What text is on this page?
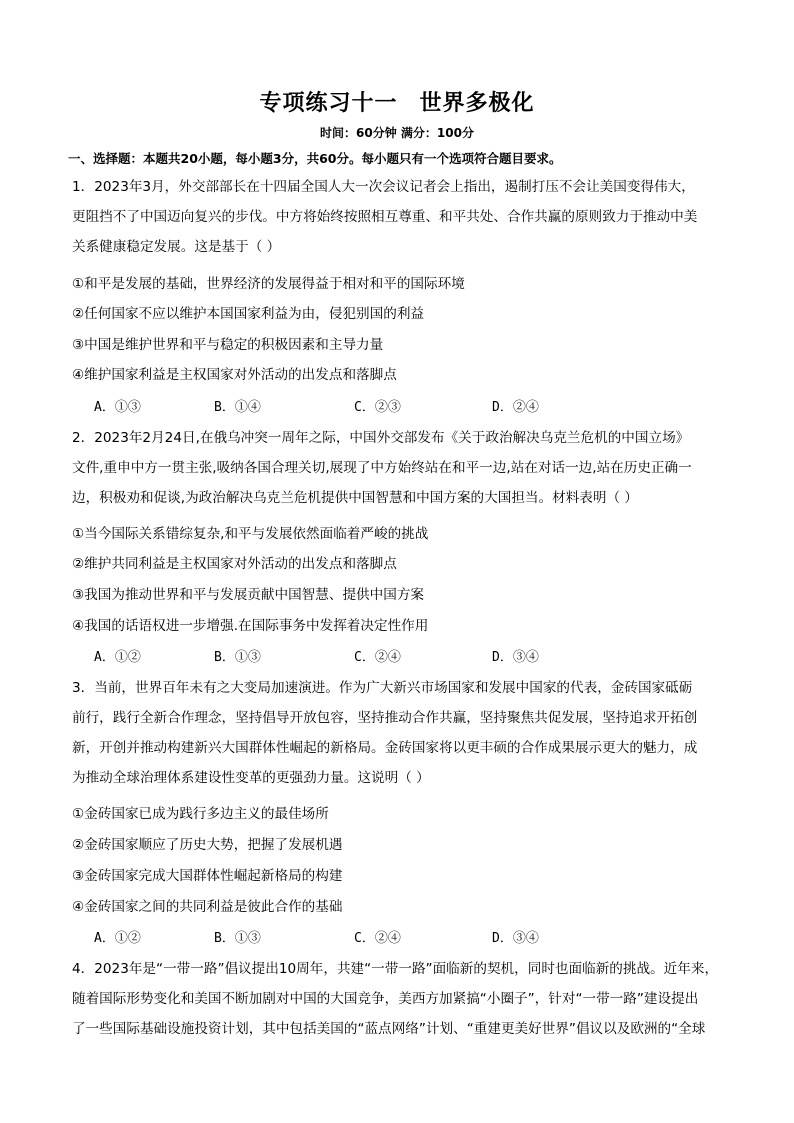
专项练习十一 世界多极化
时间：60分钟 满分：100分
一、选择题：本题共20小题，每小题3分，共60分。每小题只有一个选项符合题目要求。
1．2023年3月，外交部部长在十四届全国人大一次会议记者会上指出，遏制打压不会让美国变得伟大，
更阻挡不了中国迈向复兴的步伐。中方将始终按照相互尊重、和平共处、合作共赢的原则致力于推动中美
关系健康稳定发展。这是基于（ ）
①和平是发展的基础，世界经济的发展得益于相对和平的国际环境
②任何国家不应以维护本国国家利益为由，侵犯别国的利益
③中国是维护世界和平与稳定的积极因素和主导力量
④维护国家利益是主权国家对外活动的出发点和落脚点
A．①③	B．①④	C．②③	D．②④
2．2023年2月24日,在俄乌冲突一周年之际，中国外交部发布《关于政治解决乌克兰危机的中国立场》
文件,重申中方一贯主张,吸纳各国合理关切,展现了中方始终站在和平一边,站在对话一边,站在历史正确一
边，积极劝和促谈,为政治解决乌克兰危机提供中国智慧和中国方案的大国担当。材料表明（ ）
①当今国际关系错综复杂,和平与发展依然面临着严峻的挑战
②维护共同利益是主权国家对外活动的出发点和落脚点
③我国为推动世界和平与发展贡献中国智慧、提供中国方案
④我国的话语权进一步增强.在国际事务中发挥着决定性作用
A．①②	B．①③	C．②④	D．③④
3．当前，世界百年未有之大变局加速演进。作为广大新兴市场国家和发展中国家的代表，金砖国家砥砺
前行，践行全新合作理念，坚持倡导开放包容，坚持推动合作共赢，坚持聚焦共促发展，坚持追求开拓创
新，开创并推动构建新兴大国群体性崛起的新格局。金砖国家将以更丰硕的合作成果展示更大的魅力，成
为推动全球治理体系建设性变革的更强劲力量。这说明（ ）
①金砖国家已成为践行多边主义的最佳场所
②金砖国家顺应了历史大势，把握了发展机遇
③金砖国家完成大国群体性崛起新格局的构建
④金砖国家之间的共同利益是彼此合作的基础
A．①②	B．①③	C．②④	D．③④
4．2023年是“一带一路”倡议提出10周年，共建“一带一路”面临新的契机，同时也面临新的挑战。近年来，
随着国际形势变化和美国不断加剧对中国的大国竞争，美西方加紧搞“小圈子”，针对“一带一路”建设提出
了一些国际基础设施投资计划，其中包括美国的“蓝点网络”计划、“重建更美好世界”倡议以及欧洲的“全球
